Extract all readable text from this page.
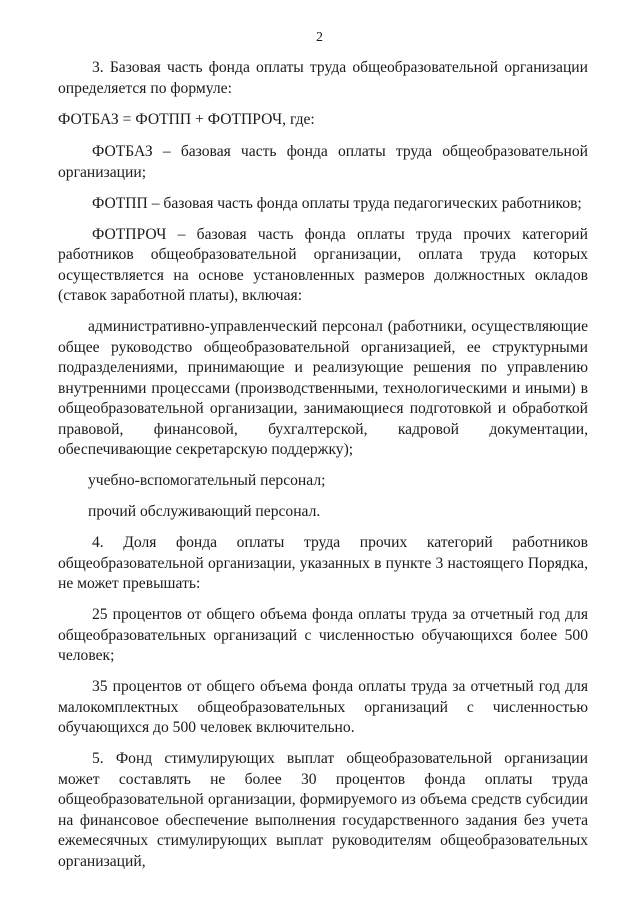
2

3. Базовая часть фонда оплаты труда общеобразовательной организации определяется по формуле:

ФОТБАЗ = ФОТПП + ФОТПРОЧ, где:

ФОТБАЗ – базовая часть фонда оплаты труда общеобразовательной организации;

ФОТПП – базовая часть фонда оплаты труда педагогических работников;

ФОТПРОЧ – базовая часть фонда оплаты труда прочих категорий работников общеобразовательной организации, оплата труда которых осуществляется на основе установленных размеров должностных окладов (ставок заработной платы), включая:

административно-управленческий персонал (работники, осуществляющие общее руководство общеобразовательной организацией, ее структурными подразделениями, принимающие и реализующие решения по управлению внутренними процессами (производственными, технологическими и иными) в общеобразовательной организации, занимающиеся подготовкой и обработкой правовой, финансовой, бухгалтерской, кадровой документации, обеспечивающие секретарскую поддержку);

учебно-вспомогательный персонал;

прочий обслуживающий персонал.

4. Доля фонда оплаты труда прочих категорий работников общеобразовательной организации, указанных в пункте 3 настоящего Порядка, не может превышать:

25 процентов от общего объема фонда оплаты труда за отчетный год для общеобразовательных организаций с численностью обучающихся более 500 человек;

35 процентов от общего объема фонда оплаты труда за отчетный год для малокомплектных общеобразовательных организаций с численностью обучающихся до 500 человек включительно.

5. Фонд стимулирующих выплат общеобразовательной организации может составлять не более 30 процентов фонда оплаты труда общеобразовательной организации, формируемого из объема средств субсидии на финансовое обеспечение выполнения государственного задания без учета ежемесячных стимулирующих выплат руководителям общеобразовательных организаций,
